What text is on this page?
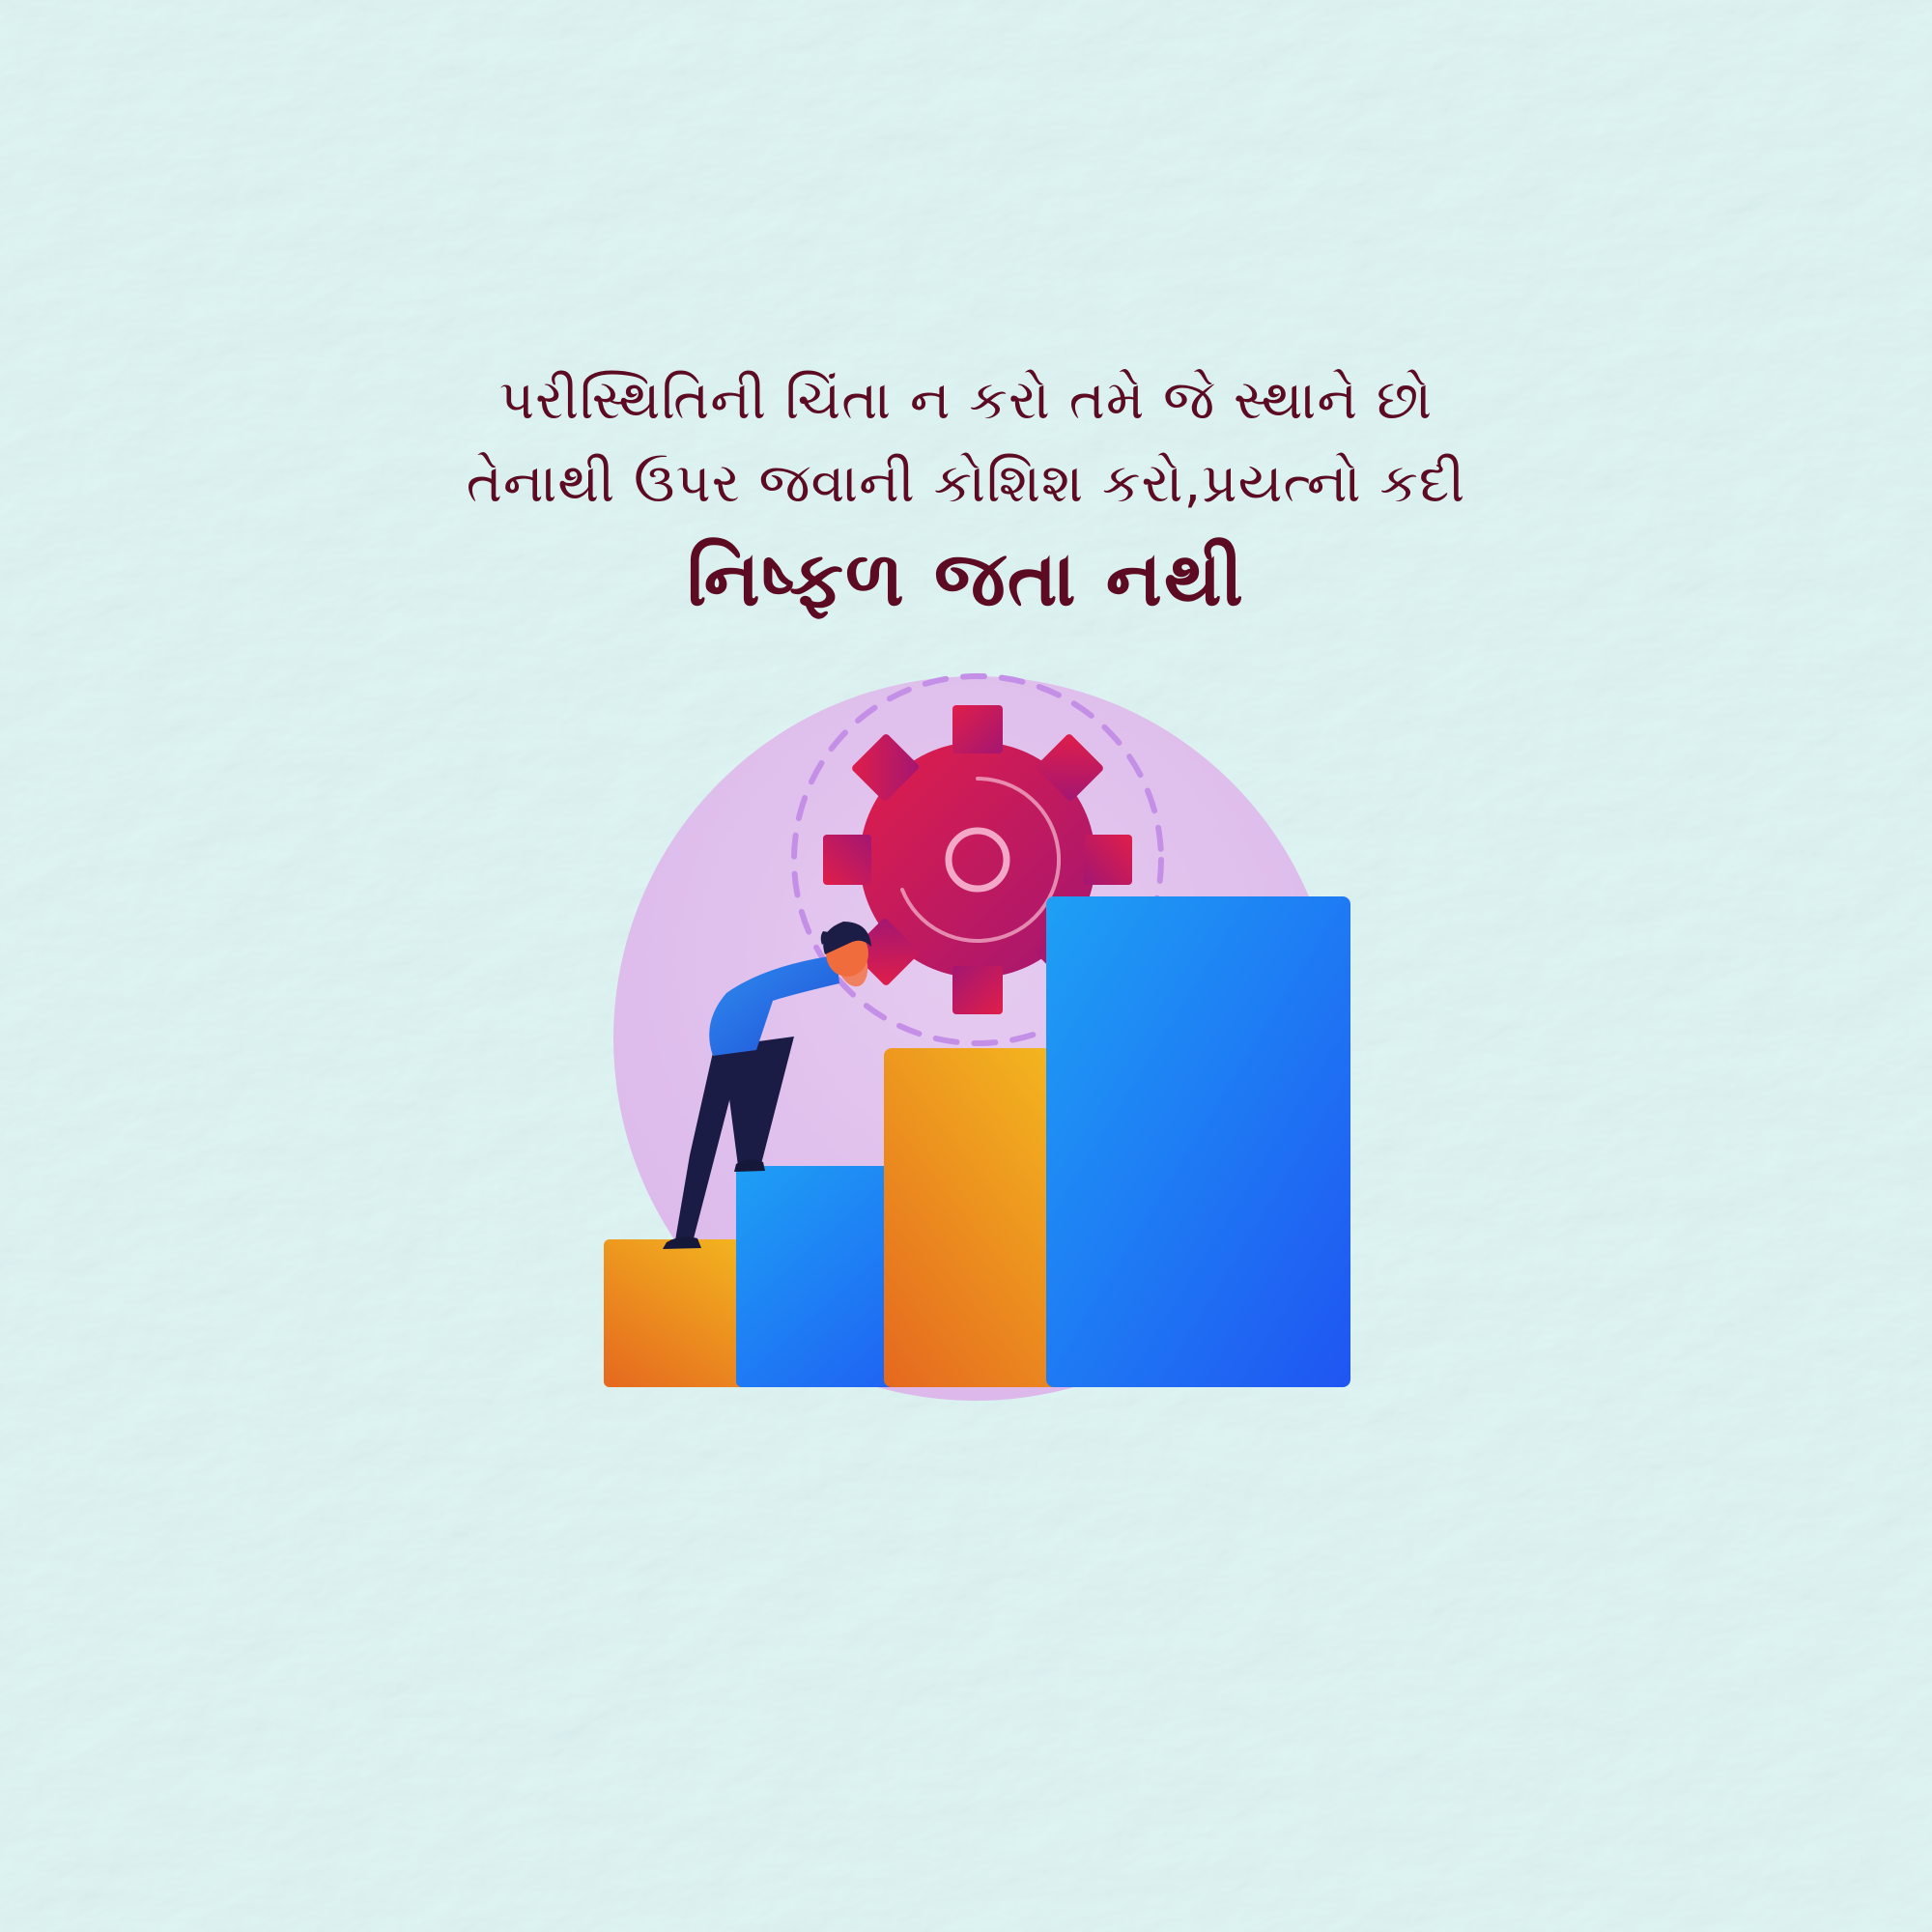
પરીસ્થિતિની ચિંતા ન કરો તમે જે સ્થાને છો
તેનાથી ઉપર જવાની કોશિશ કરો,પ્રયત્નો કદી
નિષ્ફળ જતા નથી
